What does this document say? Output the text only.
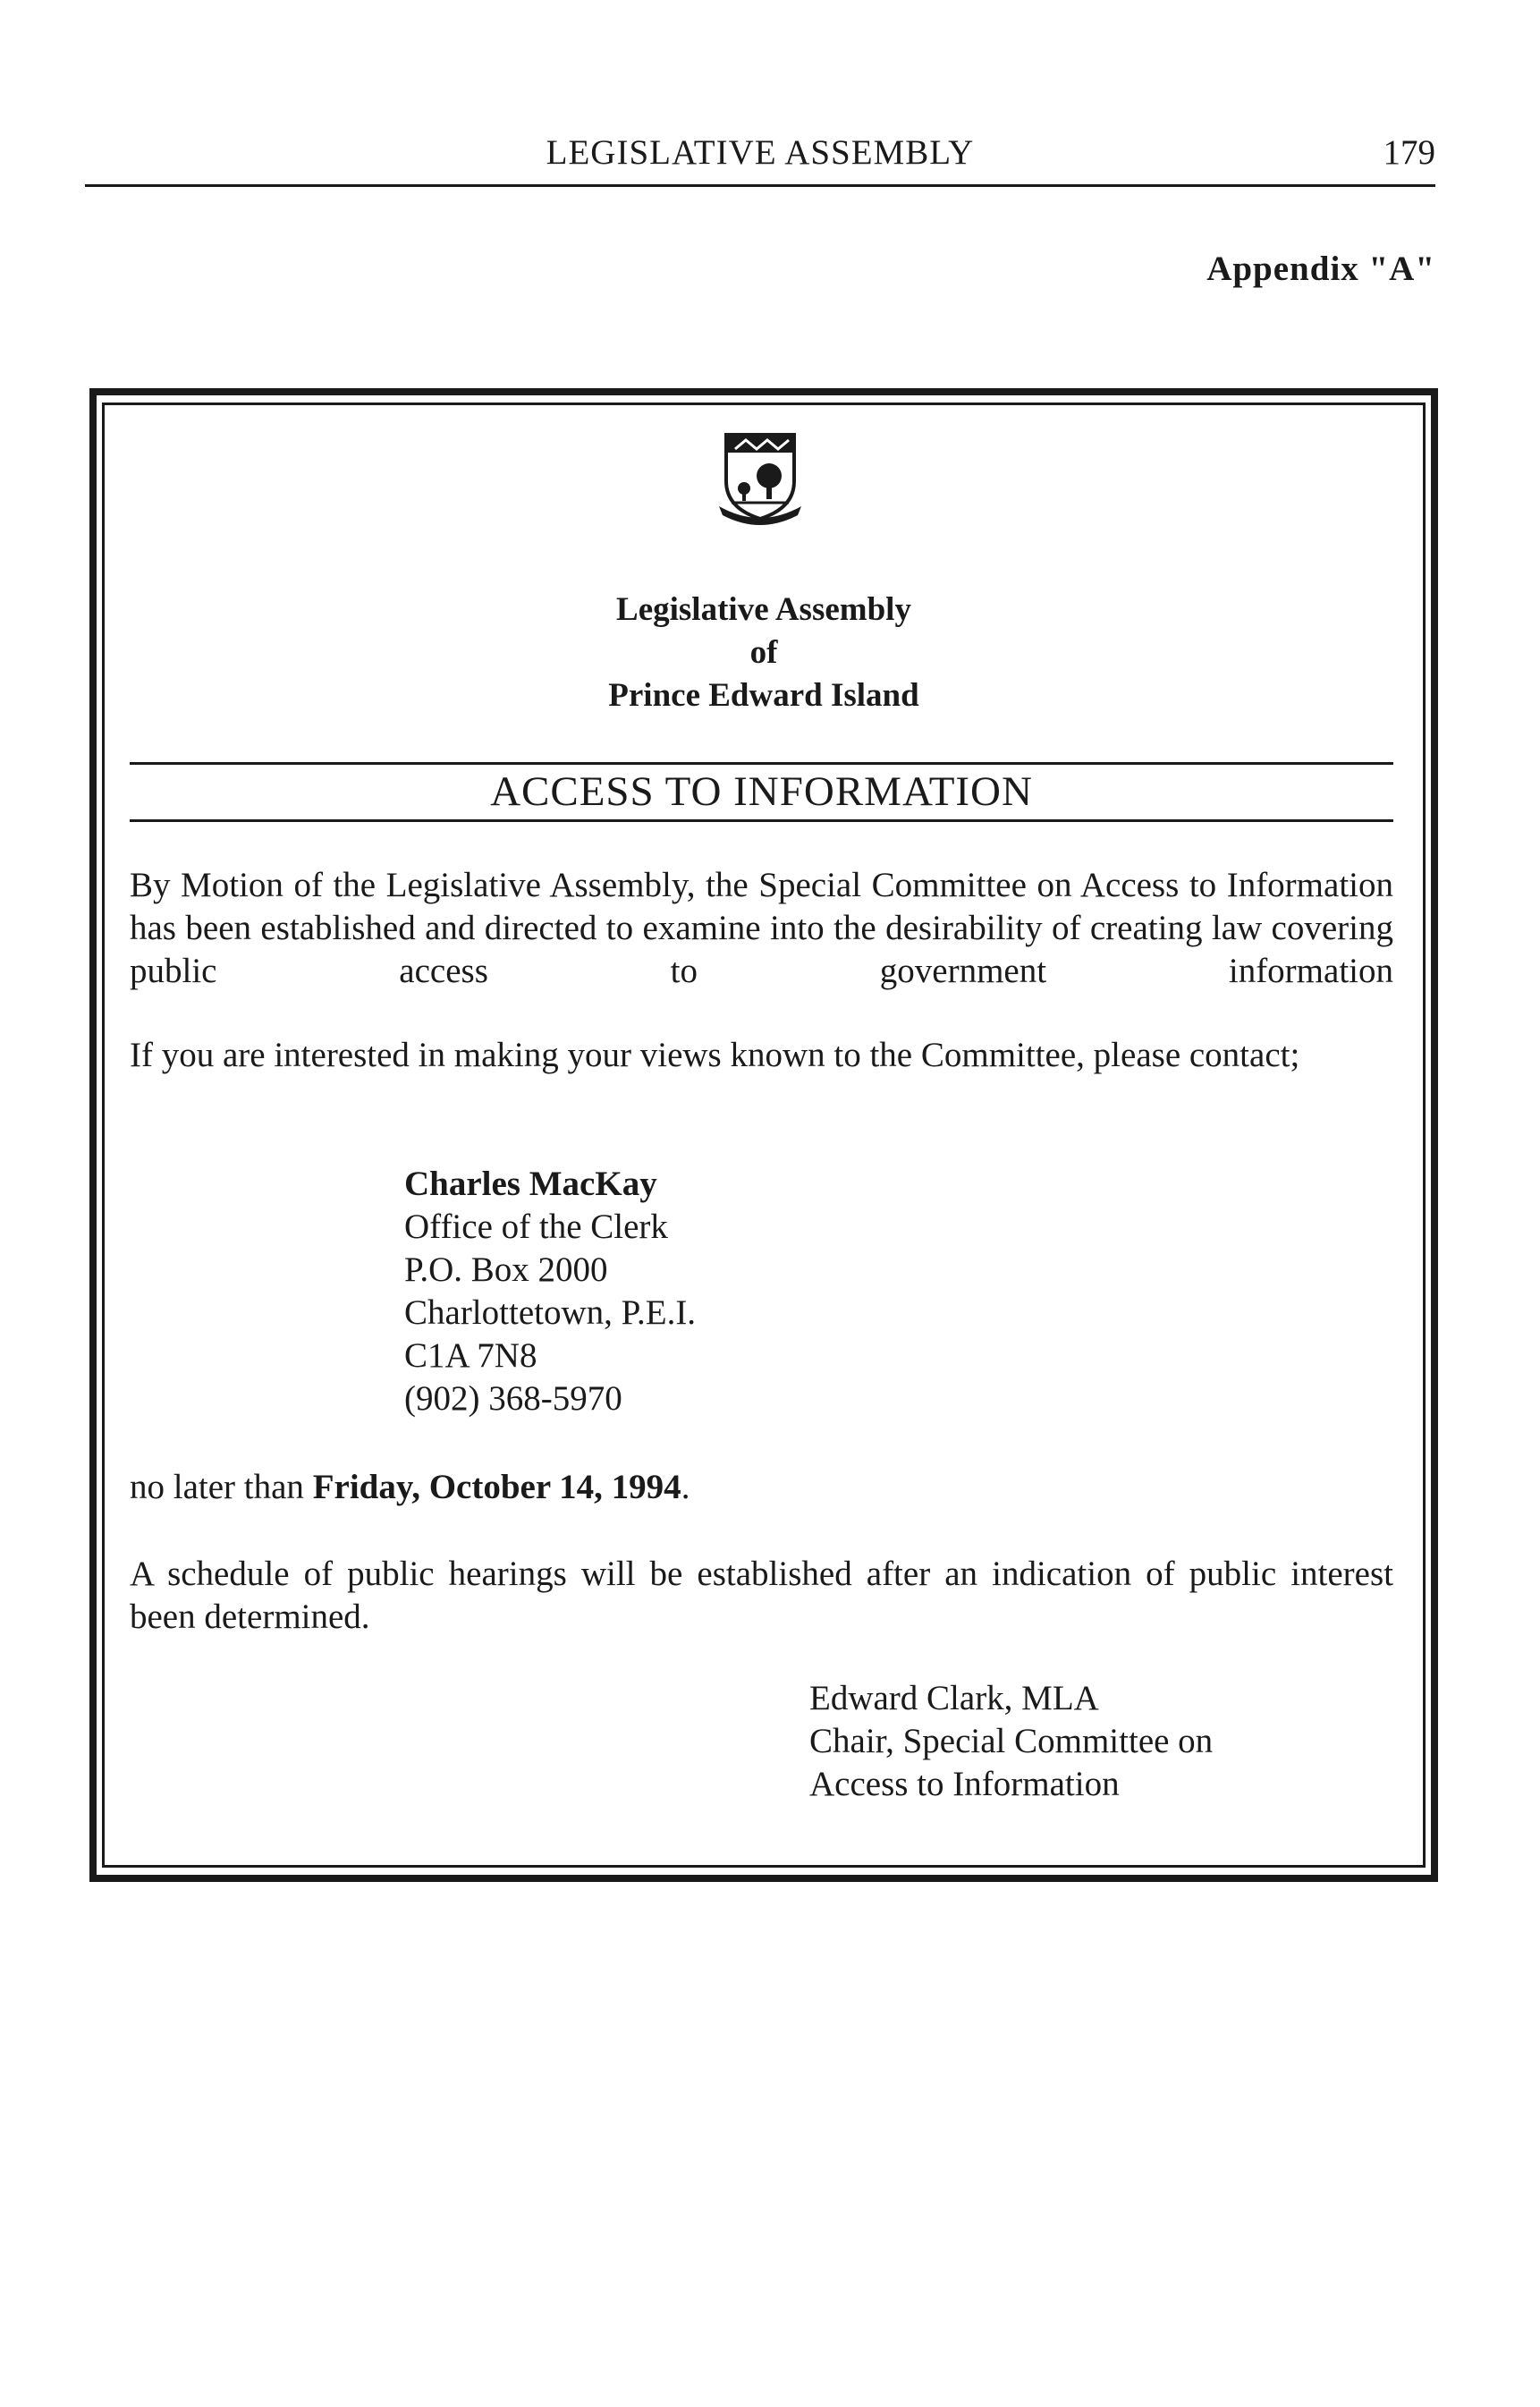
LEGISLATIVE ASSEMBLY	179
Appendix "A"
Legislative Assembly
of
Prince Edward Island
ACCESS TO INFORMATION
By Motion of the Legislative Assembly, the Special Committee on Access to Information has been established and directed to examine into the desirability of creating law covering public access to government information
If you are interested in making your views known to the Committee, please contact;
Charles MacKay
Office of the Clerk
P.O. Box 2000
Charlottetown, P.E.I.
C1A 7N8
(902) 368-5970
no later than Friday, October 14, 1994.
A schedule of public hearings will be established after an indication of public interest been determined.
Edward Clark, MLA
Chair, Special Committee on
Access to Information
